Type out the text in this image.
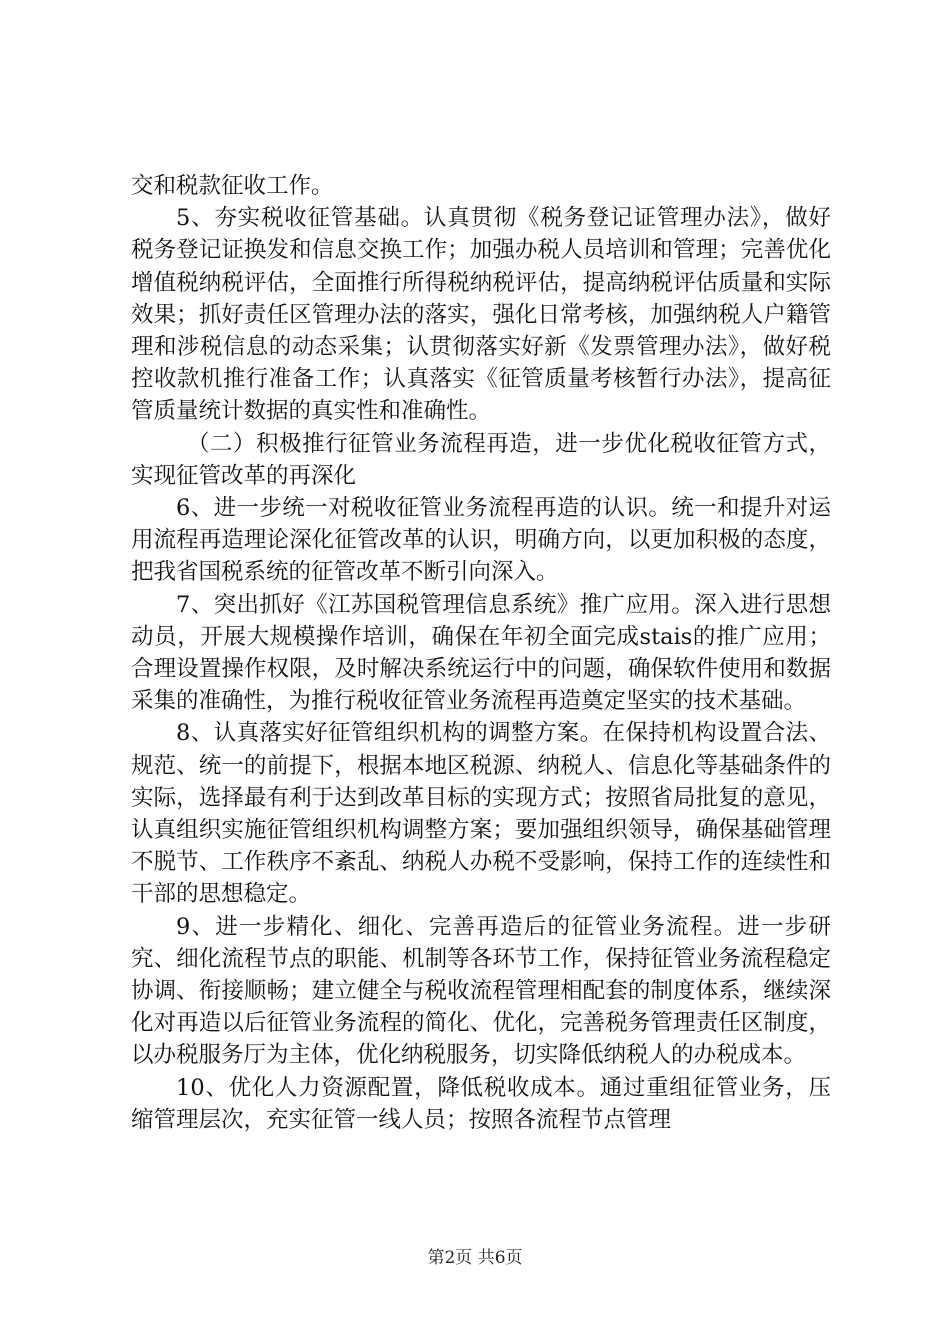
交和税款征收工作。

5、夯实税收征管基础。认真贯彻《税务登记证管理办法》，做好税务登记证换发和信息交换工作；加强办税人员培训和管理；完善优化增值税纳税评估，全面推行所得税纳税评估，提高纳税评估质量和实际效果；抓好责任区管理办法的落实，强化日常考核，加强纳税人户籍管理和涉税信息的动态采集；认贯彻落实好新《发票管理办法》，做好税控收款机推行准备工作；认真落实《征管质量考核暂行办法》，提高征管质量统计数据的真实性和准确性。

（二）积极推行征管业务流程再造，进一步优化税收征管方式，实现征管改革的再深化

6、进一步统一对税收征管业务流程再造的认识。统一和提升对运用流程再造理论深化征管改革的认识，明确方向，以更加积极的态度，把我省国税系统的征管改革不断引向深入。

7、突出抓好《江苏国税管理信息系统》推广应用。深入进行思想动员，开展大规模操作培训，确保在年初全面完成stais的推广应用；合理设置操作权限，及时解决系统运行中的问题，确保软件使用和数据采集的准确性，为推行税收征管业务流程再造奠定坚实的技术基础。

8、认真落实好征管组织机构的调整方案。在保持机构设置合法、规范、统一的前提下，根据本地区税源、纳税人、信息化等基础条件的实际，选择最有利于达到改革目标的实现方式；按照省局批复的意见，认真组织实施征管组织机构调整方案；要加强组织领导，确保基础管理不脱节、工作秩序不紊乱、纳税人办税不受影响，保持工作的连续性和干部的思想稳定。

9、进一步精化、细化、完善再造后的征管业务流程。进一步研究、细化流程节点的职能、机制等各环节工作，保持征管业务流程稳定协调、衔接顺畅；建立健全与税收流程管理相配套的制度体系，继续深化对再造以后征管业务流程的简化、优化，完善税务管理责任区制度，以办税服务厅为主体，优化纳税服务，切实降低纳税人的办税成本。

10、优化人力资源配置，降低税收成本。通过重组征管业务，压缩管理层次，充实征管一线人员；按照各流程节点管理

第2页 共6页
